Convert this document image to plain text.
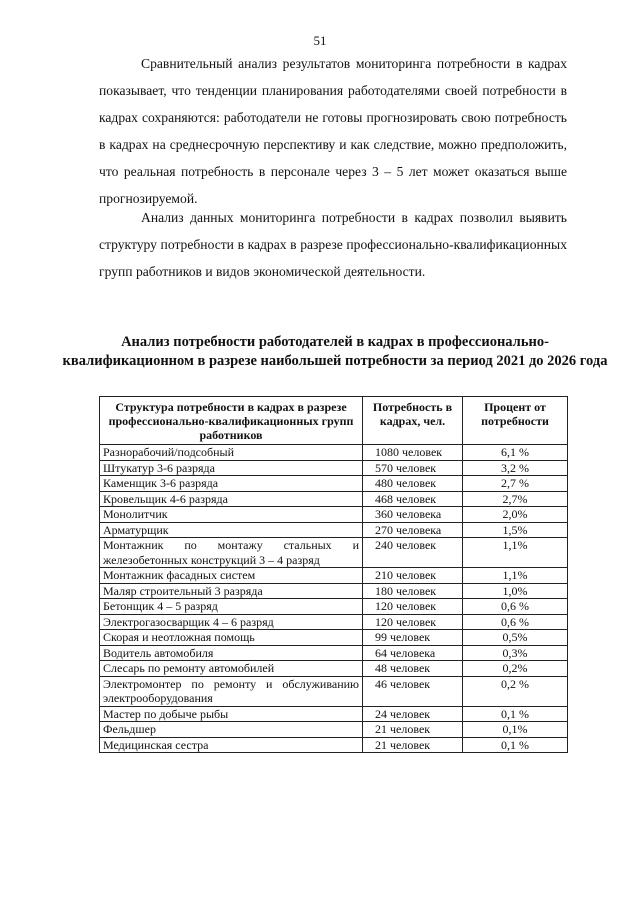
51

Сравнительный анализ результатов мониторинга потребности в кадрах показывает, что тенденции планирования работодателями своей потребности в кадрах сохраняются: работодатели не готовы прогнозировать свою потребность в кадрах на среднесрочную перспективу и как следствие, можно предположить, что реальная потребность в персонале через 3 – 5 лет может оказаться выше прогнозируемой.

Анализ данных мониторинга потребности в кадрах позволил выявить структуру потребности в кадрах в разрезе профессионально-квалификационных групп работников и видов экономической деятельности.

Анализ потребности работодателей в кадрах в профессионально-квалификационном в разрезе наибольшей потребности за период 2021 до 2026 года
Структура потребности в кадрах в разрезе профессионально-квалификационных групп работников	Потребность в кадрах, чел.	Процент от потребности
Разнорабочий/подсобный	1080 человек	6,1 %
Штукатур 3-6 разряда	570 человек	3,2 %
Каменщик 3-6 разряда	480 человек	2,7 %
Кровельщик 4-6 разряда	468 человек	2,7%
Монолитчик	360 человека	2,0%
Арматурщик	270 человека	1,5%
Монтажник по монтажу стальных и железобетонных конструкций 3 – 4 разряд	240 человек	1,1%
Монтажник фасадных систем	210 человек	1,1%
Маляр строительный 3 разряда	180 человек	1,0%
Бетонщик 4 – 5 разряд	120 человек	0,6 %
Электрогазосварщик 4 – 6 разряд	120 человек	0,6 %
Скорая и неотложная помощь	99 человек	0,5%
Водитель автомобиля	64 человека	0,3%
Слесарь по ремонту автомобилей	48 человек	0,2%
Электромонтер по ремонту и обслуживанию электрооборудования	46 человек	0,2 %
Мастер по добыче рыбы	24 человек	0,1 %
Фельдшер	21 человек	0,1%
Медицинская сестра	21 человек	0,1 %
